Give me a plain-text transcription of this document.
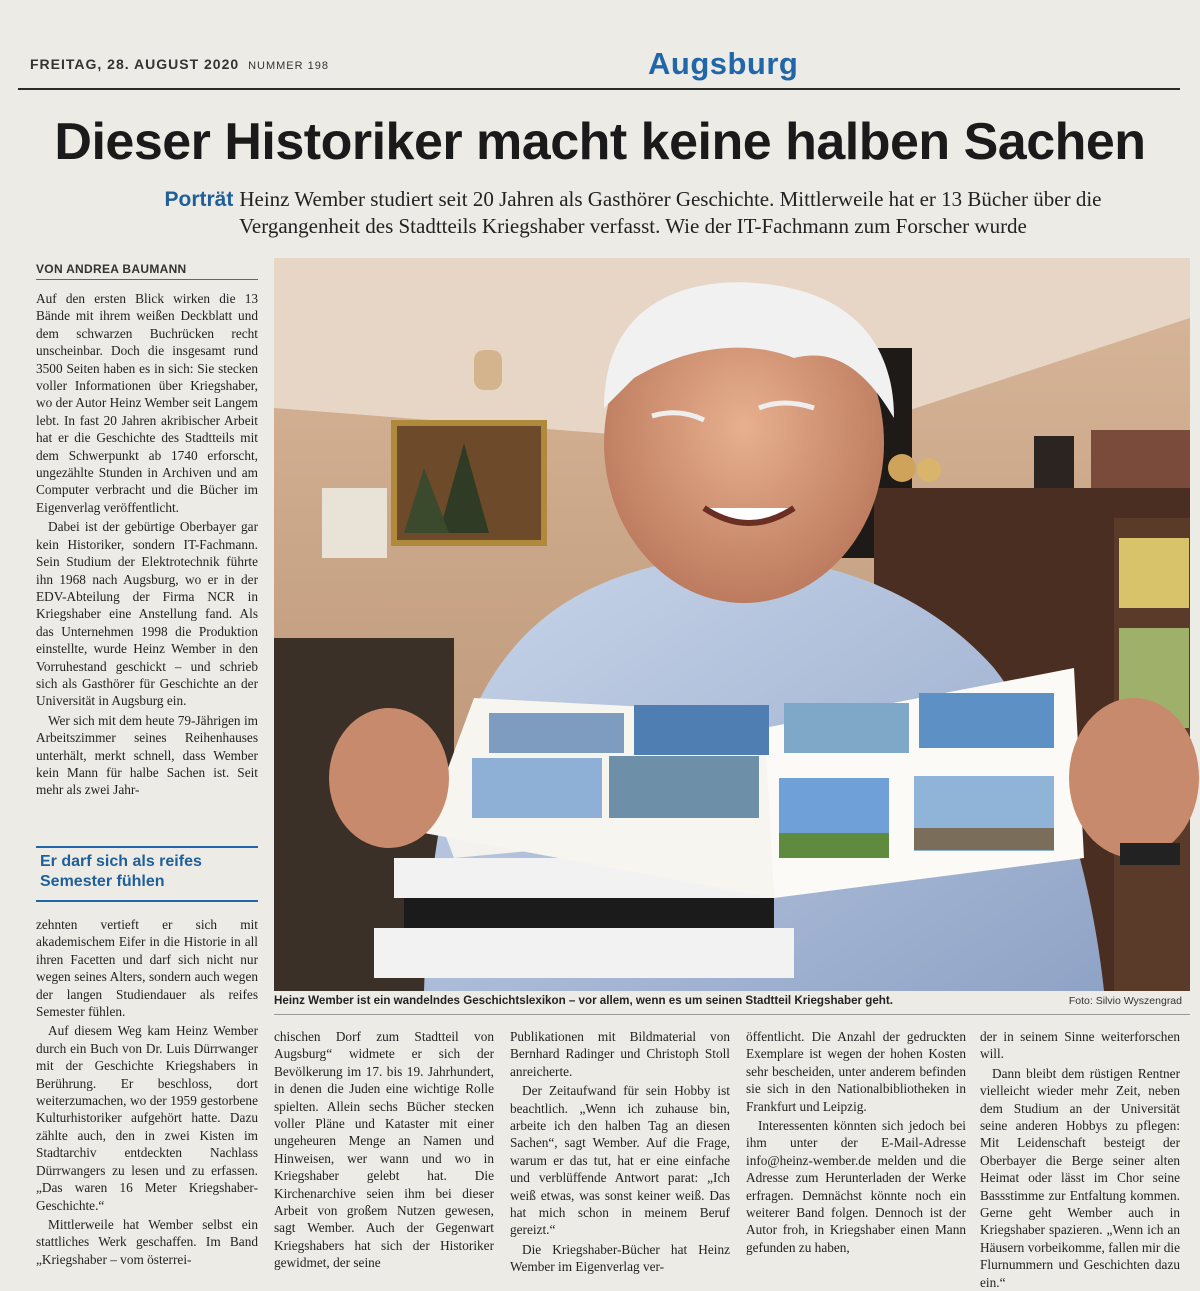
FREITAG, 28. AUGUST 2020 NUMMER 198	Augsburg
Dieser Historiker macht keine halben Sachen
Porträt Heinz Wember studiert seit 20 Jahren als Gasthörer Geschichte. Mittlerweile hat er 13 Bücher über die Vergangenheit des Stadtteils Kriegshaber verfasst. Wie der IT-Fachmann zum Forscher wurde
VON ANDREA BAUMANN

Auf den ersten Blick wirken die 13 Bände mit ihrem weißen Deckblatt und dem schwarzen Buchrücken recht unscheinbar. Doch die insgesamt rund 3500 Seiten haben es in sich: Sie stecken voller Informationen über Kriegshaber, wo der Autor Heinz Wember seit Langem lebt. In fast 20 Jahren akribischer Arbeit hat er die Geschichte des Stadtteils mit dem Schwerpunkt ab 1740 erforscht, ungezählte Stunden in Archiven und am Computer verbracht und die Bücher im Eigenverlag veröffentlicht.

Dabei ist der gebürtige Oberbayer gar kein Historiker, sondern IT-Fachmann. Sein Studium der Elektrotechnik führte ihn 1968 nach Augsburg, wo er in der EDV-Abteilung der Firma NCR in Kriegshaber eine Anstellung fand. Als das Unternehmen 1998 die Produktion einstellte, wurde Heinz Wember in den Vorruhestand geschickt – und schrieb sich als Gasthörer für Geschichte an der Universität in Augsburg ein.

Wer sich mit dem heute 79-Jährigen im Arbeitszimmer seines Reihenhauses unterhält, merkt schnell, dass Wember kein Mann für halbe Sachen ist. Seit mehr als zwei Jahr-

Er darf sich als reifes Semester fühlen

zehnten vertieft er sich mit akademischem Eifer in die Historie in all ihren Facetten und darf sich nicht nur wegen seines Alters, sondern auch wegen der langen Studiendauer als reifes Semester fühlen.

Auf diesem Weg kam Heinz Wember durch ein Buch von Dr. Luis Dürrwanger mit der Geschichte Kriegshabers in Berührung. Er beschloss, dort weiterzumachen, wo der 1959 gestorbene Kulturhistoriker aufgehört hatte. Dazu zählte auch, den in zwei Kisten im Stadtarchiv entdeckten Nachlass Dürrwangers zu lesen und zu erfassen. „Das waren 16 Meter Kriegshaber-Geschichte.“

Mittlerweile hat Wember selbst ein stattliches Werk geschaffen. Im Band „Kriegshaber – vom österrei-

Heinz Wember ist ein wandelndes Geschichtslexikon – vor allem, wenn es um seinen Stadtteil Kriegshaber geht.	Foto: Silvio Wyszengrad

chischen Dorf zum Stadtteil von Augsburg“ widmete er sich der Bevölkerung im 17. bis 19. Jahrhundert, in denen die Juden eine wichtige Rolle spielten. Allein sechs Bücher stecken voller Pläne und Kataster mit einer ungeheuren Menge an Namen und Hinweisen, wer wann und wo in Kriegshaber gelebt hat. Die Kirchenarchive seien ihm bei dieser Arbeit von großem Nutzen gewesen, sagt Wember. Auch der Gegenwart Kriegshabers hat sich der Historiker gewidmet, der seine

Publikationen mit Bildmaterial von Bernhard Radinger und Christoph Stoll anreicherte.

Der Zeitaufwand für sein Hobby ist beachtlich. „Wenn ich zuhause bin, arbeite ich den halben Tag an diesen Sachen“, sagt Wember. Auf die Frage, warum er das tut, hat er eine einfache und verblüffende Antwort parat: „Ich weiß etwas, was sonst keiner weiß. Das hat mich schon in meinem Beruf gereizt.“

Die Kriegshaber-Bücher hat Heinz Wember im Eigenverlag ver-

öffentlicht. Die Anzahl der gedruckten Exemplare ist wegen der hohen Kosten sehr bescheiden, unter anderem befinden sie sich in den Nationalbibliotheken in Frankfurt und Leipzig.

Interessenten könnten sich jedoch bei ihm unter der E-Mail-Adresse info@heinz-wember.de melden und die Adresse zum Herunterladen der Werke erfragen. Demnächst könnte noch ein weiterer Band folgen. Dennoch ist der Autor froh, in Kriegshaber einen Mann gefunden zu haben,

der in seinem Sinne weiterforschen will.

Dann bleibt dem rüstigen Rentner vielleicht wieder mehr Zeit, neben dem Studium an der Universität seine anderen Hobbys zu pflegen: Mit Leidenschaft besteigt der Oberbayer die Berge seiner alten Heimat oder lässt im Chor seine Bassstimme zur Entfaltung kommen. Gerne geht Wember auch in Kriegshaber spazieren. „Wenn ich an Häusern vorbeikomme, fallen mir die Flurnummern und Geschichten dazu ein.“
